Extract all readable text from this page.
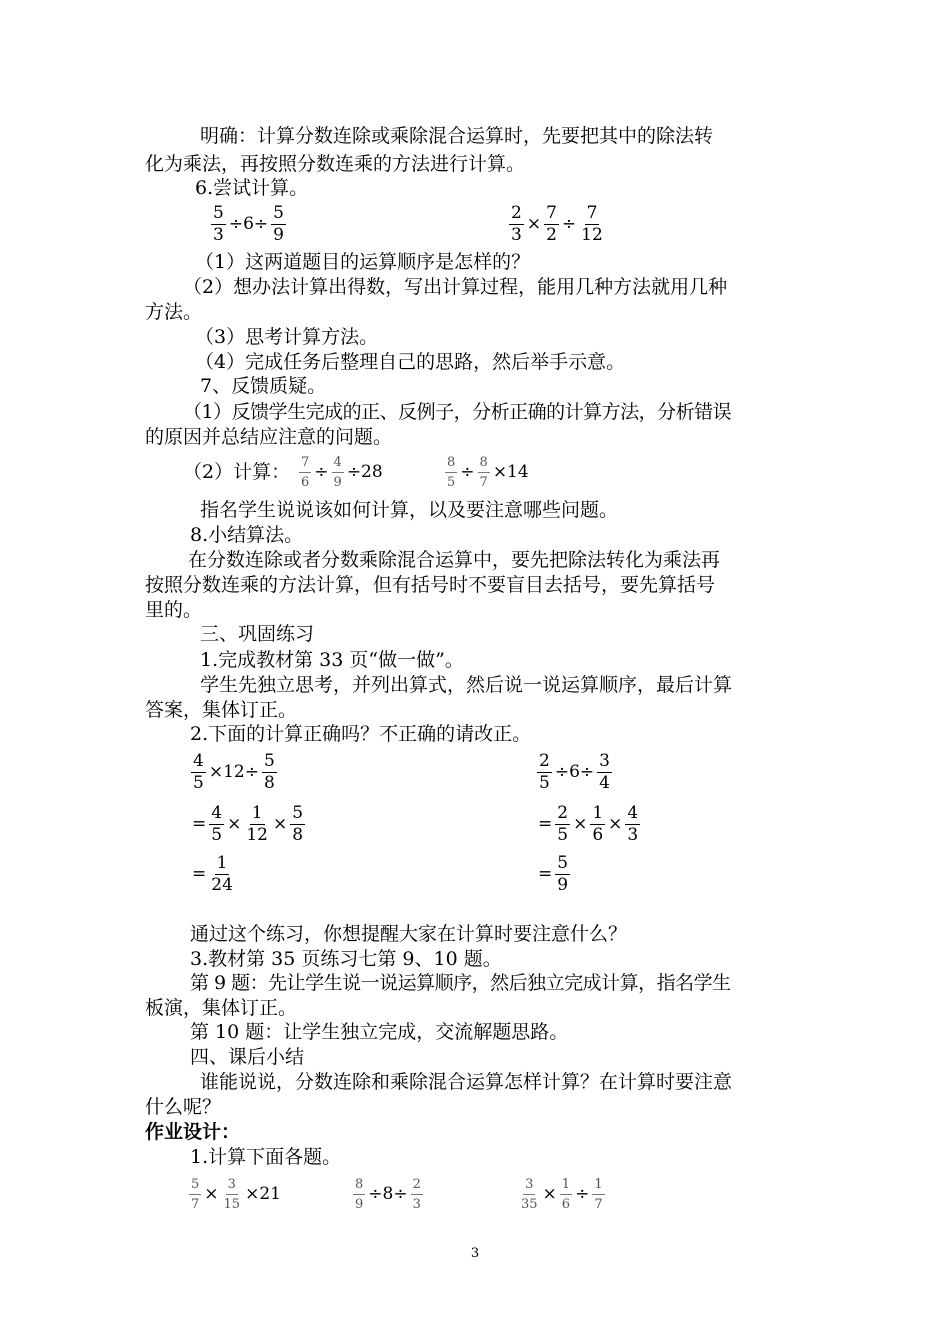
明确：计算分数连除或乘除混合运算时，先要把其中的除法转
化为乘法，再按照分数连乘的方法进行计算。
6.尝试计算。
$\frac{5}{3} \div 6\div \frac{5}{9}$	$\frac{2}{3} \times \frac{7}{2} \div \frac{7}{12}$
（1）这两道题目的运算顺序是怎样的？
（2）想办法计算出得数，写出计算过程，能用几种方法就用几种
方法。
（3）思考计算方法。
（4）完成任务后整理自己的思路，然后举手示意。
7、反馈质疑。
（1）反馈学生完成的正、反例子，分析正确的计算方法，分析错误
的原因并总结应注意的问题。
（2）计算： $\frac{7}{6} \div \frac{4}{9} \div 28$	$\frac{8}{5} \div \frac{8}{7} \times 14$
指名学生说说该如何计算，以及要注意哪些问题。
8.小结算法。
在分数连除或者分数乘除混合运算中，要先把除法转化为乘法再
按照分数连乘的方法计算，但有括号时不要盲目去括号，要先算括号
里的。
三、巩固练习
1.完成教材第 33 页“做一做”。
学生先独立思考，并列出算式，然后说一说运算顺序，最后计算
答案，集体订正。
2.下面的计算正确吗？不正确的请改正。
$\frac{4}{5} \times 12\div \frac{5}{8}$
= $\frac{4}{5} \times \frac{1}{12} \times \frac{5}{8}$
= $\frac{1}{24}$
$\frac{2}{5} \div 6\div \frac{3}{4}$
= $\frac{2}{5} \times \frac{1}{6} \times \frac{4}{3}$
= $\frac{5}{9}$
通过这个练习，你想提醒大家在计算时要注意什么？
3.教材第 35 页练习七第 9、10 题。
第 9 题：先让学生说一说运算顺序，然后独立完成计算，指名学生
板演，集体订正。
第 10 题：让学生独立完成，交流解题思路。
四、课后小结
谁能说说，分数连除和乘除混合运算怎样计算？在计算时要注意
什么呢？
作业设计：
1.计算下面各题。
$\frac{5}{7} \times \frac{3}{15} \times 21$	$\frac{8}{9} \div 8\div \frac{2}{3}$	$\frac{3}{35} \times \frac{1}{6} \div \frac{1}{7}$
3
